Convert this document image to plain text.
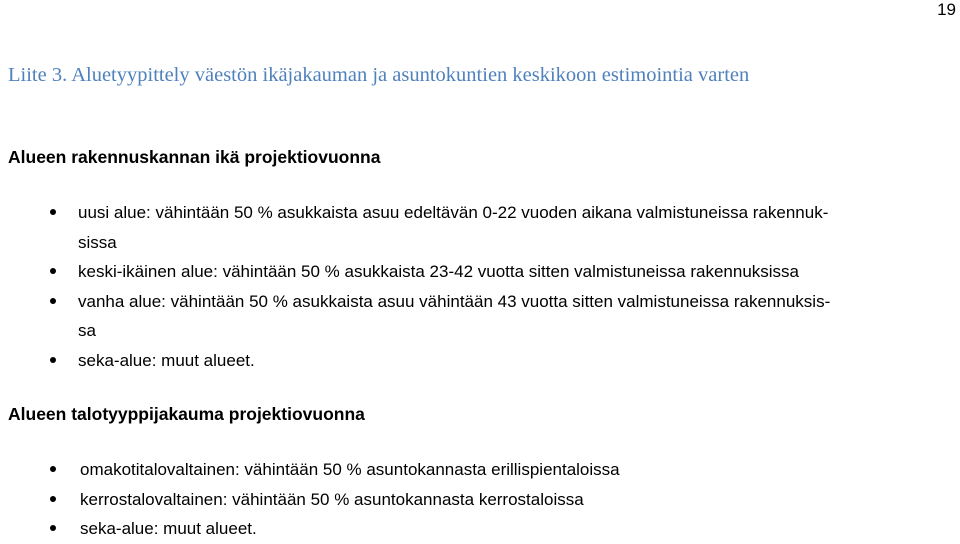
19
Liite 3. Aluetyypittely väestön ikäjakauman ja asuntokuntien keskikoon estimointia varten
Alueen rakennuskannan ikä projektiovuonna
uusi alue: vähintään 50 % asukkaista asuu edeltävän 0-22 vuoden aikana valmistuneissa rakennuk-
sissa
keski-ikäinen alue: vähintään 50 % asukkaista 23-42 vuotta sitten valmistuneissa rakennuksissa
vanha alue: vähintään 50 % asukkaista asuu vähintään 43 vuotta sitten valmistuneissa rakennuksis-
sa
seka-alue: muut alueet.
Alueen talotyyppijakauma projektiovuonna
omakotitalovaltainen: vähintään 50 % asuntokannasta erillispientaloissa
kerrostalovaltainen: vähintään 50 % asuntokannasta kerrostaloissa
seka-alue: muut alueet.
